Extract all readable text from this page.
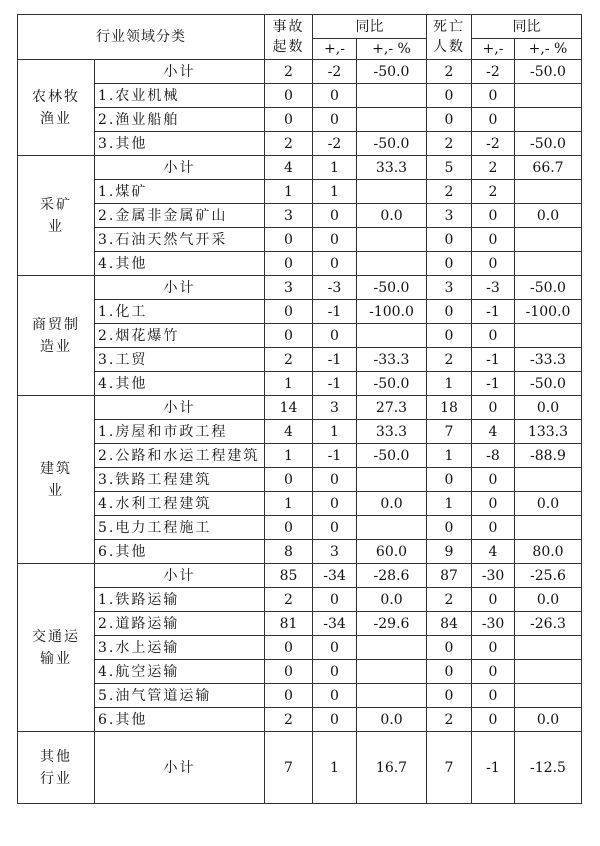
行业领域分类		事故起数	同比		死亡人数	同比	
			+,-	+,- %		+,-	+,- %

农林牧渔业	小计	2	-2	-50.0	2	-2	-50.0
	1.农业机械	0	0		0	0	
	2.渔业船舶	0	0		0	0	
	3.其他	2	-2	-50.0	2	-2	-50.0

采矿业	小计	4	1	33.3	5	2	66.7
	1.煤矿	1	1		2	2	
	2.金属非金属矿山	3	0	0.0	3	0	0.0
	3.石油天然气开采	0	0		0	0	
	4.其他	0	0		0	0	

商贸制造业	小计	3	-3	-50.0	3	-3	-50.0
	1.化工	0	-1	-100.0	0	-1	-100.0
	2.烟花爆竹	0	0		0	0	
	3.工贸	2	-1	-33.3	2	-1	-33.3
	4.其他	1	-1	-50.0	1	-1	-50.0

建筑业	小计	14	3	27.3	18	0	0.0
	1.房屋和市政工程	4	1	33.3	7	4	133.3
	2.公路和水运工程建筑	1	-1	-50.0	1	-8	-88.9
	3.铁路工程建筑	0	0		0	0	
	4.水利工程建筑	1	0	0.0	1	0	0.0
	5.电力工程施工	0	0		0	0	
	6.其他	8	3	60.0	9	4	80.0

交通运输业	小计	85	-34	-28.6	87	-30	-25.6
	1.铁路运输	2	0	0.0	2	0	0.0
	2.道路运输	81	-34	-29.6	84	-30	-26.3
	3.水上运输	0	0		0	0	
	4.航空运输	0	0		0	0	
	5.油气管道运输	0	0		0	0	
	6.其他	2	0	0.0	2	0	0.0

其他行业	小计	7	1	16.7	7	-1	-12.5
